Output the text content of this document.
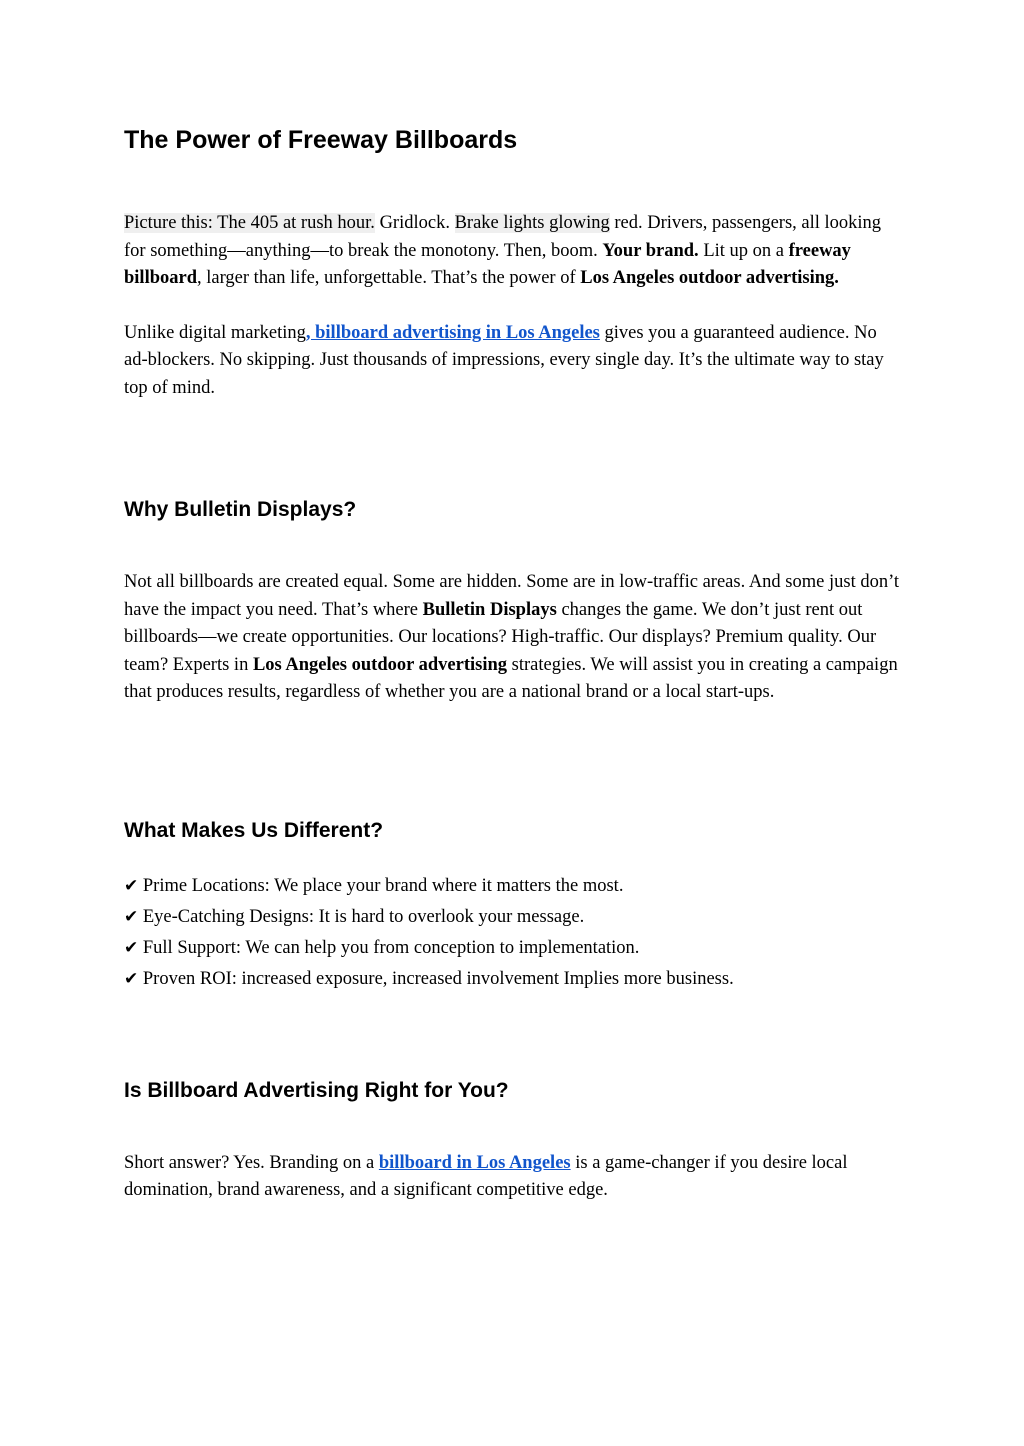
The Power of Freeway Billboards

Picture this: The 405 at rush hour. Gridlock. Brake lights glowing red. Drivers, passengers, all looking for something—anything—to break the monotony. Then, boom. Your brand. Lit up on a freeway billboard, larger than life, unforgettable. That’s the power of Los Angeles outdoor advertising.

Unlike digital marketing, billboard advertising in Los Angeles gives you a guaranteed audience. No ad-blockers. No skipping. Just thousands of impressions, every single day. It’s the ultimate way to stay top of mind.

Why Bulletin Displays?

Not all billboards are created equal. Some are hidden. Some are in low-traffic areas. And some just don’t have the impact you need. That’s where Bulletin Displays changes the game. We don’t just rent out billboards—we create opportunities. Our locations? High-traffic. Our displays? Premium quality. Our team? Experts in Los Angeles outdoor advertising strategies. We will assist you in creating a campaign that produces results, regardless of whether you are a national brand or a local start-ups.

What Makes Us Different?

✔ Prime Locations: We place your brand where it matters the most.

✔ Eye-Catching Designs: It is hard to overlook your message.

✔ Full Support: We can help you from conception to implementation.

✔ Proven ROI: increased exposure, increased involvement Implies more business.

Is Billboard Advertising Right for You?

Short answer? Yes. Branding on a billboard in Los Angeles is a game-changer if you desire local domination, brand awareness, and a significant competitive edge.
